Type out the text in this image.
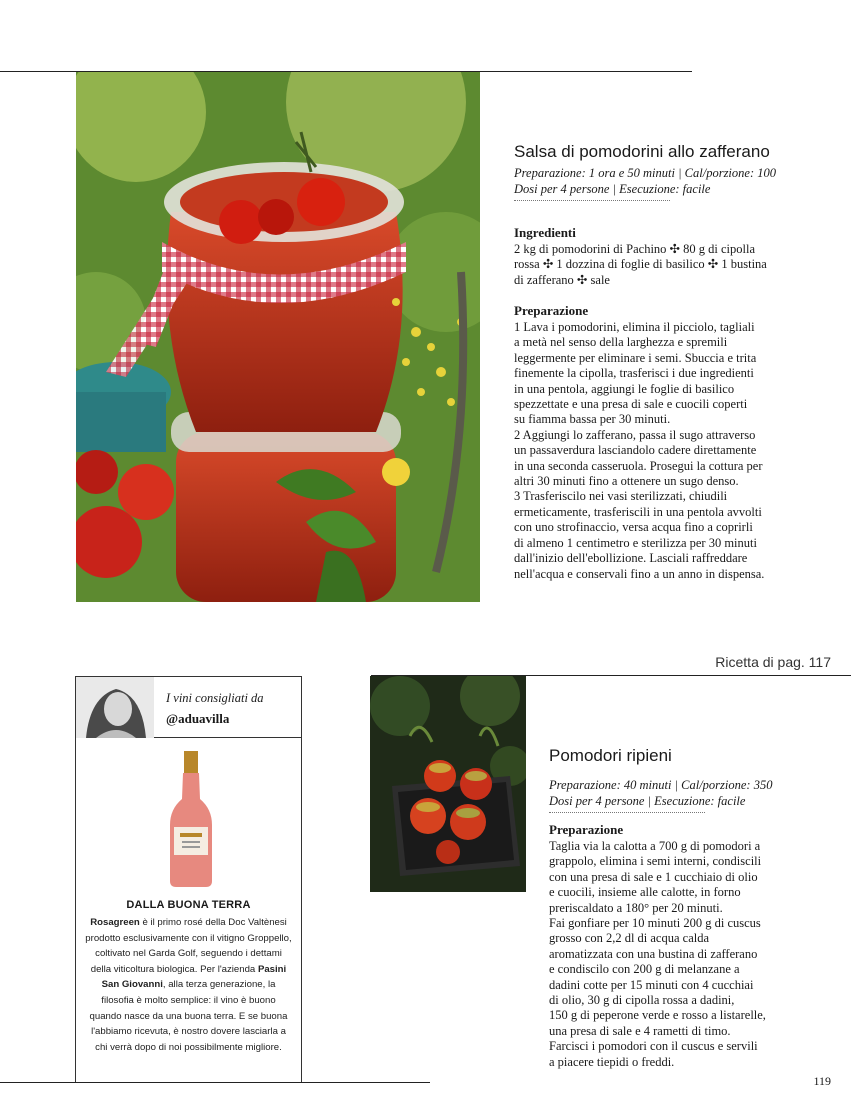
Salsa di pomodorini allo zafferano
Preparazione: 1 ora e 50 minuti | Cal/porzione: 100
Dosi per 4 persone | Esecuzione: facile
Ingredienti
2 kg di pomodorini di Pachino ✣ 80 g di cipolla
rossa ✣ 1 dozzina di foglie di basilico ✣ 1 bustina
di zafferano ✣ sale
Preparazione
1 Lava i pomodorini, elimina il picciolo, tagliali
a metà nel senso della larghezza e spremili
leggermente per eliminare i semi. Sbuccia e trita
finemente la cipolla, trasferisci i due ingredienti
in una pentola, aggiungi le foglie di basilico
spezzettate e una presa di sale e cuocili coperti
su fiamma bassa per 30 minuti.
2 Aggiungi lo zafferano, passa il sugo attraverso
un passaverdura lasciandolo cadere direttamente
in una seconda casseruola. Prosegui la cottura per
altri 30 minuti fino a ottenere un sugo denso.
3 Trasferiscilo nei vasi sterilizzati, chiudili
ermeticamente, trasferiscili in una pentola avvolti
con uno strofinaccio, versa acqua fino a coprirli
di almeno 1 centimetro e sterilizza per 30 minuti
dall'inizio dell'ebollizione. Lasciali raffreddare
nell'acqua e conservali fino a un anno in dispensa.
Ricetta di pag. 117
I vini consigliati da
@aduavilla
DALLA BUONA TERRA
Rosagreen è il primo rosé della Doc Valtènesi prodotto esclusivamente con il vitigno Groppello, coltivato nel Garda Golf, seguendo i dettami della viticoltura biologica. Per l'azienda Pasini San Giovanni, alla terza generazione, la filosofia è molto semplice: il vino è buono quando nasce da una buona terra. E se buona l'abbiamo ricevuta, è nostro dovere lasciarla a chi verrà dopo di noi possibilmente migliore.
Pomodori ripieni
Preparazione: 40 minuti | Cal/porzione: 350
Dosi per 4 persone | Esecuzione: facile
Preparazione
Taglia via la calotta a 700 g di pomodori a
grappolo, elimina i semi interni, condiscili
con una presa di sale e 1 cucchiaio di olio
e cuocili, insieme alle calotte, in forno
preriscaldato a 180° per 20 minuti.
Fai gonfiare per 10 minuti 200 g di cuscus
grosso con 2,2 dl di acqua calda
aromatizzata con una bustina di zafferano
e condiscilo con 200 g di melanzane a
dadini cotte per 15 minuti con 4 cucchiai
di olio, 30 g di cipolla rossa a dadini,
150 g di peperone verde e rosso a listarelle,
una presa di sale e 4 rametti di timo.
Farcisci i pomodori con il cuscus e servili
a piacere tiepidi o freddi.
119
